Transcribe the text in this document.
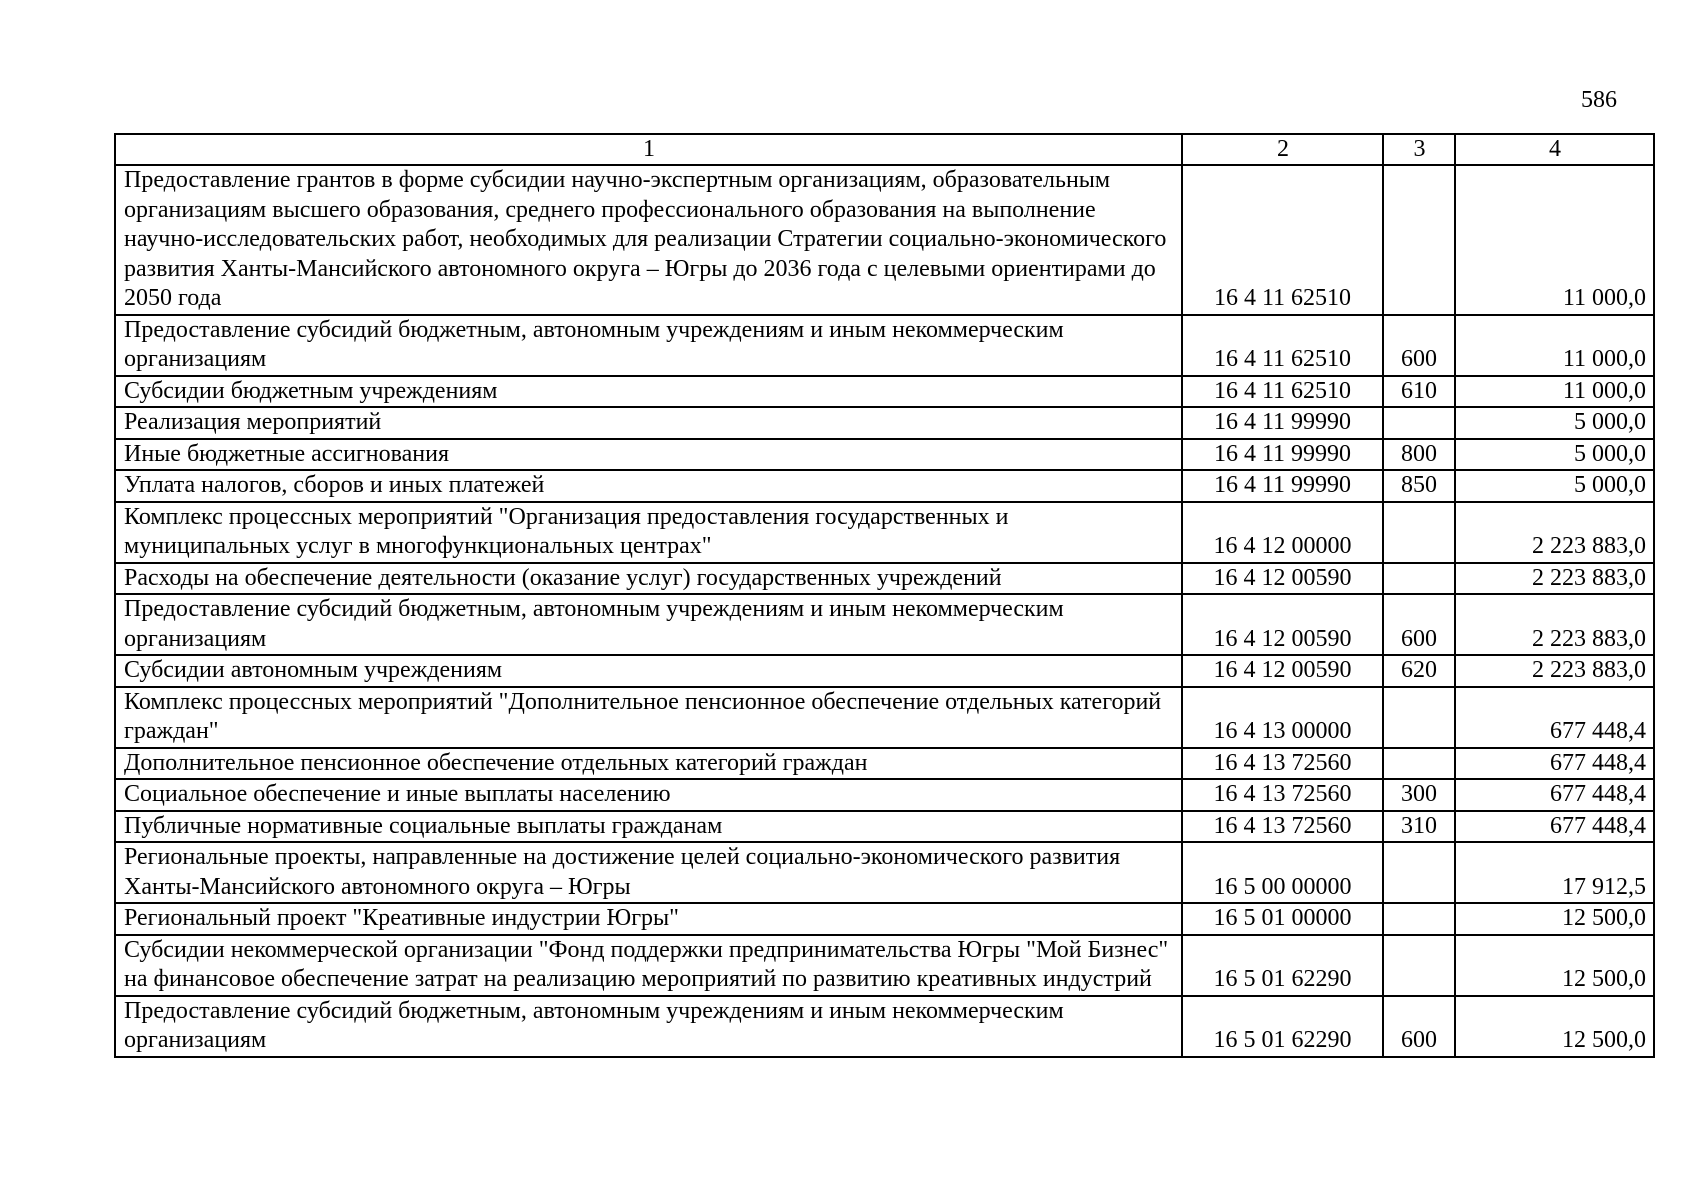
586
1	2	3	4
Предоставление грантов в форме субсидии научно-экспертным организациям, образовательным организациям высшего образования, среднего профессионального образования на выполнение научно-исследовательских работ, необходимых для реализации Стратегии социально-экономического развития Ханты-Мансийского автономного округа – Югры до 2036 года с целевыми ориентирами до 2050 года	16 4 11 62510		11 000,0
Предоставление субсидий бюджетным, автономным учреждениям и иным некоммерческим организациям	16 4 11 62510	600	11 000,0
Субсидии бюджетным учреждениям	16 4 11 62510	610	11 000,0
Реализация мероприятий	16 4 11 99990		5 000,0
Иные бюджетные ассигнования	16 4 11 99990	800	5 000,0
Уплата налогов, сборов и иных платежей	16 4 11 99990	850	5 000,0
Комплекс процессных мероприятий "Организация предоставления государственных и муниципальных услуг в многофункциональных центрах"	16 4 12 00000		2 223 883,0
Расходы на обеспечение деятельности (оказание услуг) государственных учреждений	16 4 12 00590		2 223 883,0
Предоставление субсидий бюджетным, автономным учреждениям и иным некоммерческим организациям	16 4 12 00590	600	2 223 883,0
Субсидии автономным учреждениям	16 4 12 00590	620	2 223 883,0
Комплекс процессных мероприятий "Дополнительное пенсионное обеспечение отдельных категорий граждан"	16 4 13 00000		677 448,4
Дополнительное пенсионное обеспечение отдельных категорий граждан	16 4 13 72560		677 448,4
Социальное обеспечение и иные выплаты населению	16 4 13 72560	300	677 448,4
Публичные нормативные социальные выплаты гражданам	16 4 13 72560	310	677 448,4
Региональные проекты, направленные на достижение целей социально-экономического развития Ханты-Мансийского автономного округа – Югры	16 5 00 00000		17 912,5
Региональный проект "Креативные индустрии Югры"	16 5 01 00000		12 500,0
Субсидии некоммерческой организации "Фонд поддержки предпринимательства Югры "Мой Бизнес" на финансовое обеспечение затрат на реализацию мероприятий по развитию креативных индустрий	16 5 01 62290		12 500,0
Предоставление субсидий бюджетным, автономным учреждениям и иным некоммерческим организациям	16 5 01 62290	600	12 500,0
